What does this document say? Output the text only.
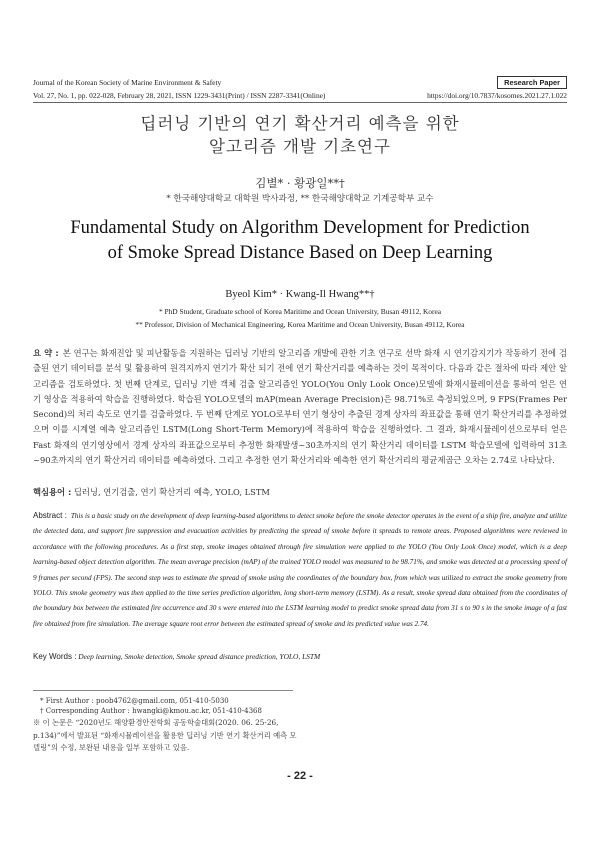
Journal of the Korean Society of Marine Environment & Safety	Research Paper
Vol. 27, No. 1, pp. 022-028, February 28, 2021, ISSN 1229-3431(Print) / ISSN 2287-3341(Online)	https://doi.org/10.7837/kosomes.2021.27.1.022
딥러닝 기반의 연기 확산거리 예측을 위한
알고리즘 개발 기초연구
김별* · 황광일**†
* 한국해양대학교 대학원 박사과정, ** 한국해양대학교 기계공학부 교수
Fundamental Study on Algorithm Development for Prediction
of Smoke Spread Distance Based on Deep Learning
Byeol Kim* · Kwang-Il Hwang**†
* PhD Student, Graduate school of Korea Maritime and Ocean University, Busan 49112, Korea
** Professor, Division of Mechanical Engineering, Korea Maritime and Ocean University, Busan 49112, Korea
요 약 : 본 연구는 화재진압 및 피난활동을 지원하는 딥러닝 기반의 알고리즘 개발에 관한 기초 연구로 선박 화재 시 연기감지기가 작동하기 전에 검출된 연기 데이터를 분석 및 활용하여 원격지까지 연기가 확산 되기 전에 연기 확산거리를 예측하는 것이 목적이다. 다음과 같은 절차에 따라 제안 알고리즘을 검토하였다. 첫 번째 단계로, 딥러닝 기반 객체 검출 알고리즘인 YOLO(You Only Look Once)모델에 화재시뮬레이션을 통하여 얻은 연기 영상을 적용하여 학습을 진행하였다. 학습된 YOLO모델의 mAP(mean Average Precision)은 98.71%로 측정되었으며, 9 FPS(Frames Per Second)의 처리 속도로 연기를 검출하였다. 두 번째 단계로 YOLO로부터 연기 형상이 추출된 경계 상자의 좌표값을 통해 연기 확산거리를 추정하였으며 이를 시계열 예측 알고리즘인 LSTM(Long Short-Term Memory)에 적용하여 학습을 진행하였다. 그 결과, 화재시뮬레이션으로부터 얻은 Fast 화재의 연기영상에서 경계 상자의 좌표값으로부터 추정한 화재발생~30초까지의 연기 확산거리 데이터를 LSTM 학습모델에 입력하여 31초~90초까지의 연기 확산거리 데이터를 예측하였다. 그리고 추정한 연기 확산거리와 예측한 연기 확산거리의 평균제곱근 오차는 2.74로 나타났다.
핵심용어 : 딥러닝, 연기검출, 연기 확산거리 예측, YOLO, LSTM
Abstract : This is a basic study on the development of deep learning-based algorithms to detect smoke before the smoke detector operates in the event of a ship fire, analyze and utilize the detected data, and support fire suppression and evacuation activities by predicting the spread of smoke before it spreads to remote areas. Proposed algorithms were reviewed in accordance with the following procedures. As a first step, smoke images obtained through fire simulation were applied to the YOLO (You Only Look Once) model, which is a deep learning-based object detection algorithm. The mean average precision (mAP) of the trained YOLO model was measured to be 98.71%, and smoke was detected at a processing speed of 9 frames per second (FPS). The second step was to estimate the spread of smoke using the coordinates of the boundary box, from which was utilized to extract the smoke geometry from YOLO. This smoke geometry was then applied to the time series prediction algorithm, long short-term memory (LSTM). As a result, smoke spread data obtained from the coordinates of the boundary box between the estimated fire occurrence and 30 s were entered into the LSTM learning model to predict smoke spread data from 31 s to 90 s in the smoke image of a fast fire obtained from fire simulation. The average square root error between the estimated spread of smoke and its predicted value was 2.74.
Key Words : Deep learning, Smoke detection, Smoke spread distance prediction, YOLO, LSTM
* First Author : poob4762@gmail.com, 051-410-5030
† Corresponding Author : hwangki@kmou.ac.kr, 051-410-4368
※ 이 논문은 “2020년도 해양환경안전학회 공동학술대회(2020. 06. 25-26, p.134)”에서 발표된 “화재시뮬레이션을 활용한 딥러닝 기반 연기 확산거리 예측 모델링”의 수정, 보완된 내용을 일부 포함하고 있음.
- 22 -
